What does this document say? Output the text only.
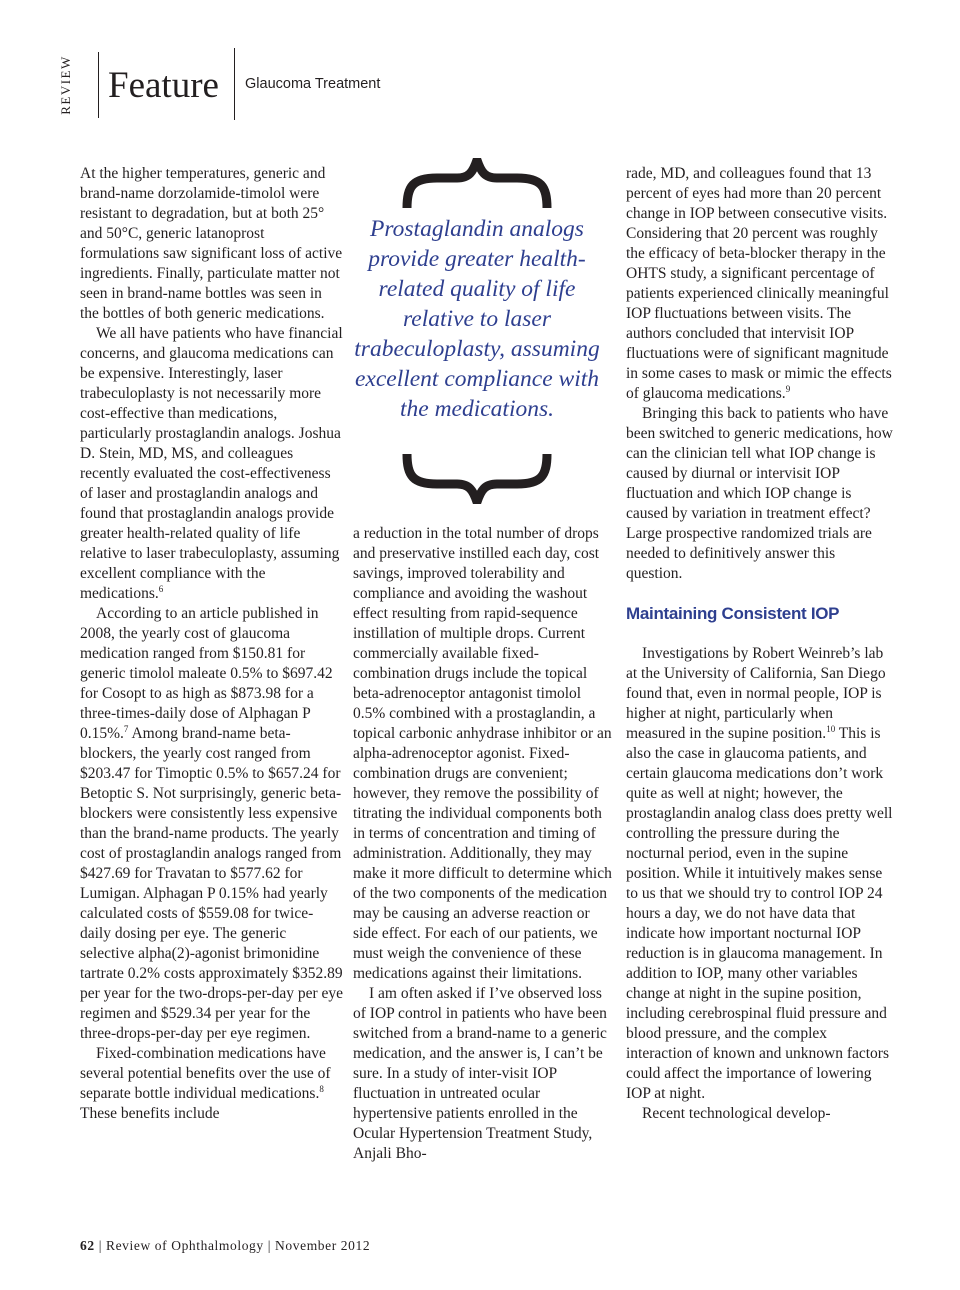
REVIEW Feature Glaucoma Treatment

At the higher temperatures, generic and brand-name dorzolamide-timolol were resistant to degradation, but at both 25° and 50°C, generic latanoprost formulations saw significant loss of active ingredients. Finally, particulate matter not seen in brand-name bottles was seen in the bottles of both generic medications.

We all have patients who have financial concerns, and glaucoma medications can be expensive. Interestingly, laser trabeculoplasty is not necessarily more cost-effective than medications, particularly prostaglandin analogs. Joshua D. Stein, MD, MS, and colleagues recently evaluated the cost-effectiveness of laser and prostaglandin analogs and found that prostaglandin analogs provide greater health-related quality of life relative to laser trabeculoplasty, assuming excellent compliance with the medications.$^6$

According to an article published in 2008, the yearly cost of glaucoma medication ranged from $150.81 for generic timolol maleate 0.5% to $697.42 for Cosopt to as high as $873.98 for a three-times-daily dose of Alphagan P 0.15%.$^7$ Among brand-name beta-blockers, the yearly cost ranged from $203.47 for Timoptic 0.5% to $657.24 for Betoptic S. Not surprisingly, generic beta-blockers were consistently less expensive than the brand-name products. The yearly cost of prostaglandin analogs ranged from $427.69 for Travatan to $577.62 for Lumigan. Alphagan P 0.15% had yearly calculated costs of $559.08 for twice-daily dosing per eye. The generic selective alpha(2)-agonist brimonidine tartrate 0.2% costs approximately $352.89 per year for the two-drops-per-day per eye regimen and $529.34 per year for the three-drops-per-day per eye regimen.

Fixed-combination medications have several potential benefits over the use of separate bottle individual medications.$^8$ These benefits include

Prostaglandin analogs provide greater health-related quality of life relative to laser trabeculoplasty, assuming excellent compliance with the medications.

a reduction in the total number of drops and preservative instilled each day, cost savings, improved tolerability and compliance and avoiding the washout effect resulting from rapid-sequence instillation of multiple drops. Current commercially available fixed-combination drugs include the topical beta-adrenoceptor antagonist timolol 0.5% combined with a prostaglandin, a topical carbonic anhydrase inhibitor or an alpha-adrenoceptor agonist. Fixed-combination drugs are convenient; however, they remove the possibility of titrating the individual components both in terms of concentration and timing of administration. Additionally, they may make it more difficult to determine which of the two components of the medication may be causing an adverse reaction or side effect. For each of our patients, we must weigh the convenience of these medications against their limitations.

I am often asked if I’ve observed loss of IOP control in patients who have been switched from a brand-name to a generic medication, and the answer is, I can’t be sure. In a study of inter-visit IOP fluctuation in untreated ocular hypertensive patients enrolled in the Ocular Hypertension Treatment Study, Anjali Bho-

rade, MD, and colleagues found that 13 percent of eyes had more than 20 percent change in IOP between consecutive visits. Considering that 20 percent was roughly the efficacy of beta-blocker therapy in the OHTS study, a significant percentage of patients experienced clinically meaningful IOP fluctuations between visits. The authors concluded that intervisit IOP fluctuations were of significant magnitude in some cases to mask or mimic the effects of glaucoma medications.$^9$

Bringing this back to patients who have been switched to generic medications, how can the clinician tell what IOP change is caused by diurnal or intervisit IOP fluctuation and which IOP change is caused by variation in treatment effect? Large prospective randomized trials are needed to definitively answer this question.

Maintaining Consistent IOP

Investigations by Robert Weinreb’s lab at the University of California, San Diego found that, even in normal people, IOP is higher at night, particularly when measured in the supine position.$^{10}$ This is also the case in glaucoma patients, and certain glaucoma medications don’t work quite as well at night; however, the prostaglandin analog class does pretty well controlling the pressure during the nocturnal period, even in the supine position. While it intuitively makes sense to us that we should try to control IOP 24 hours a day, we do not have data that indicate how important nocturnal IOP reduction is in glaucoma management. In addition to IOP, many other variables change at night in the supine position, including cerebrospinal fluid pressure and blood pressure, and the complex interaction of known and unknown factors could affect the importance of lowering IOP at night.

Recent technological develop-

62 | Review of Ophthalmology | November 2012
